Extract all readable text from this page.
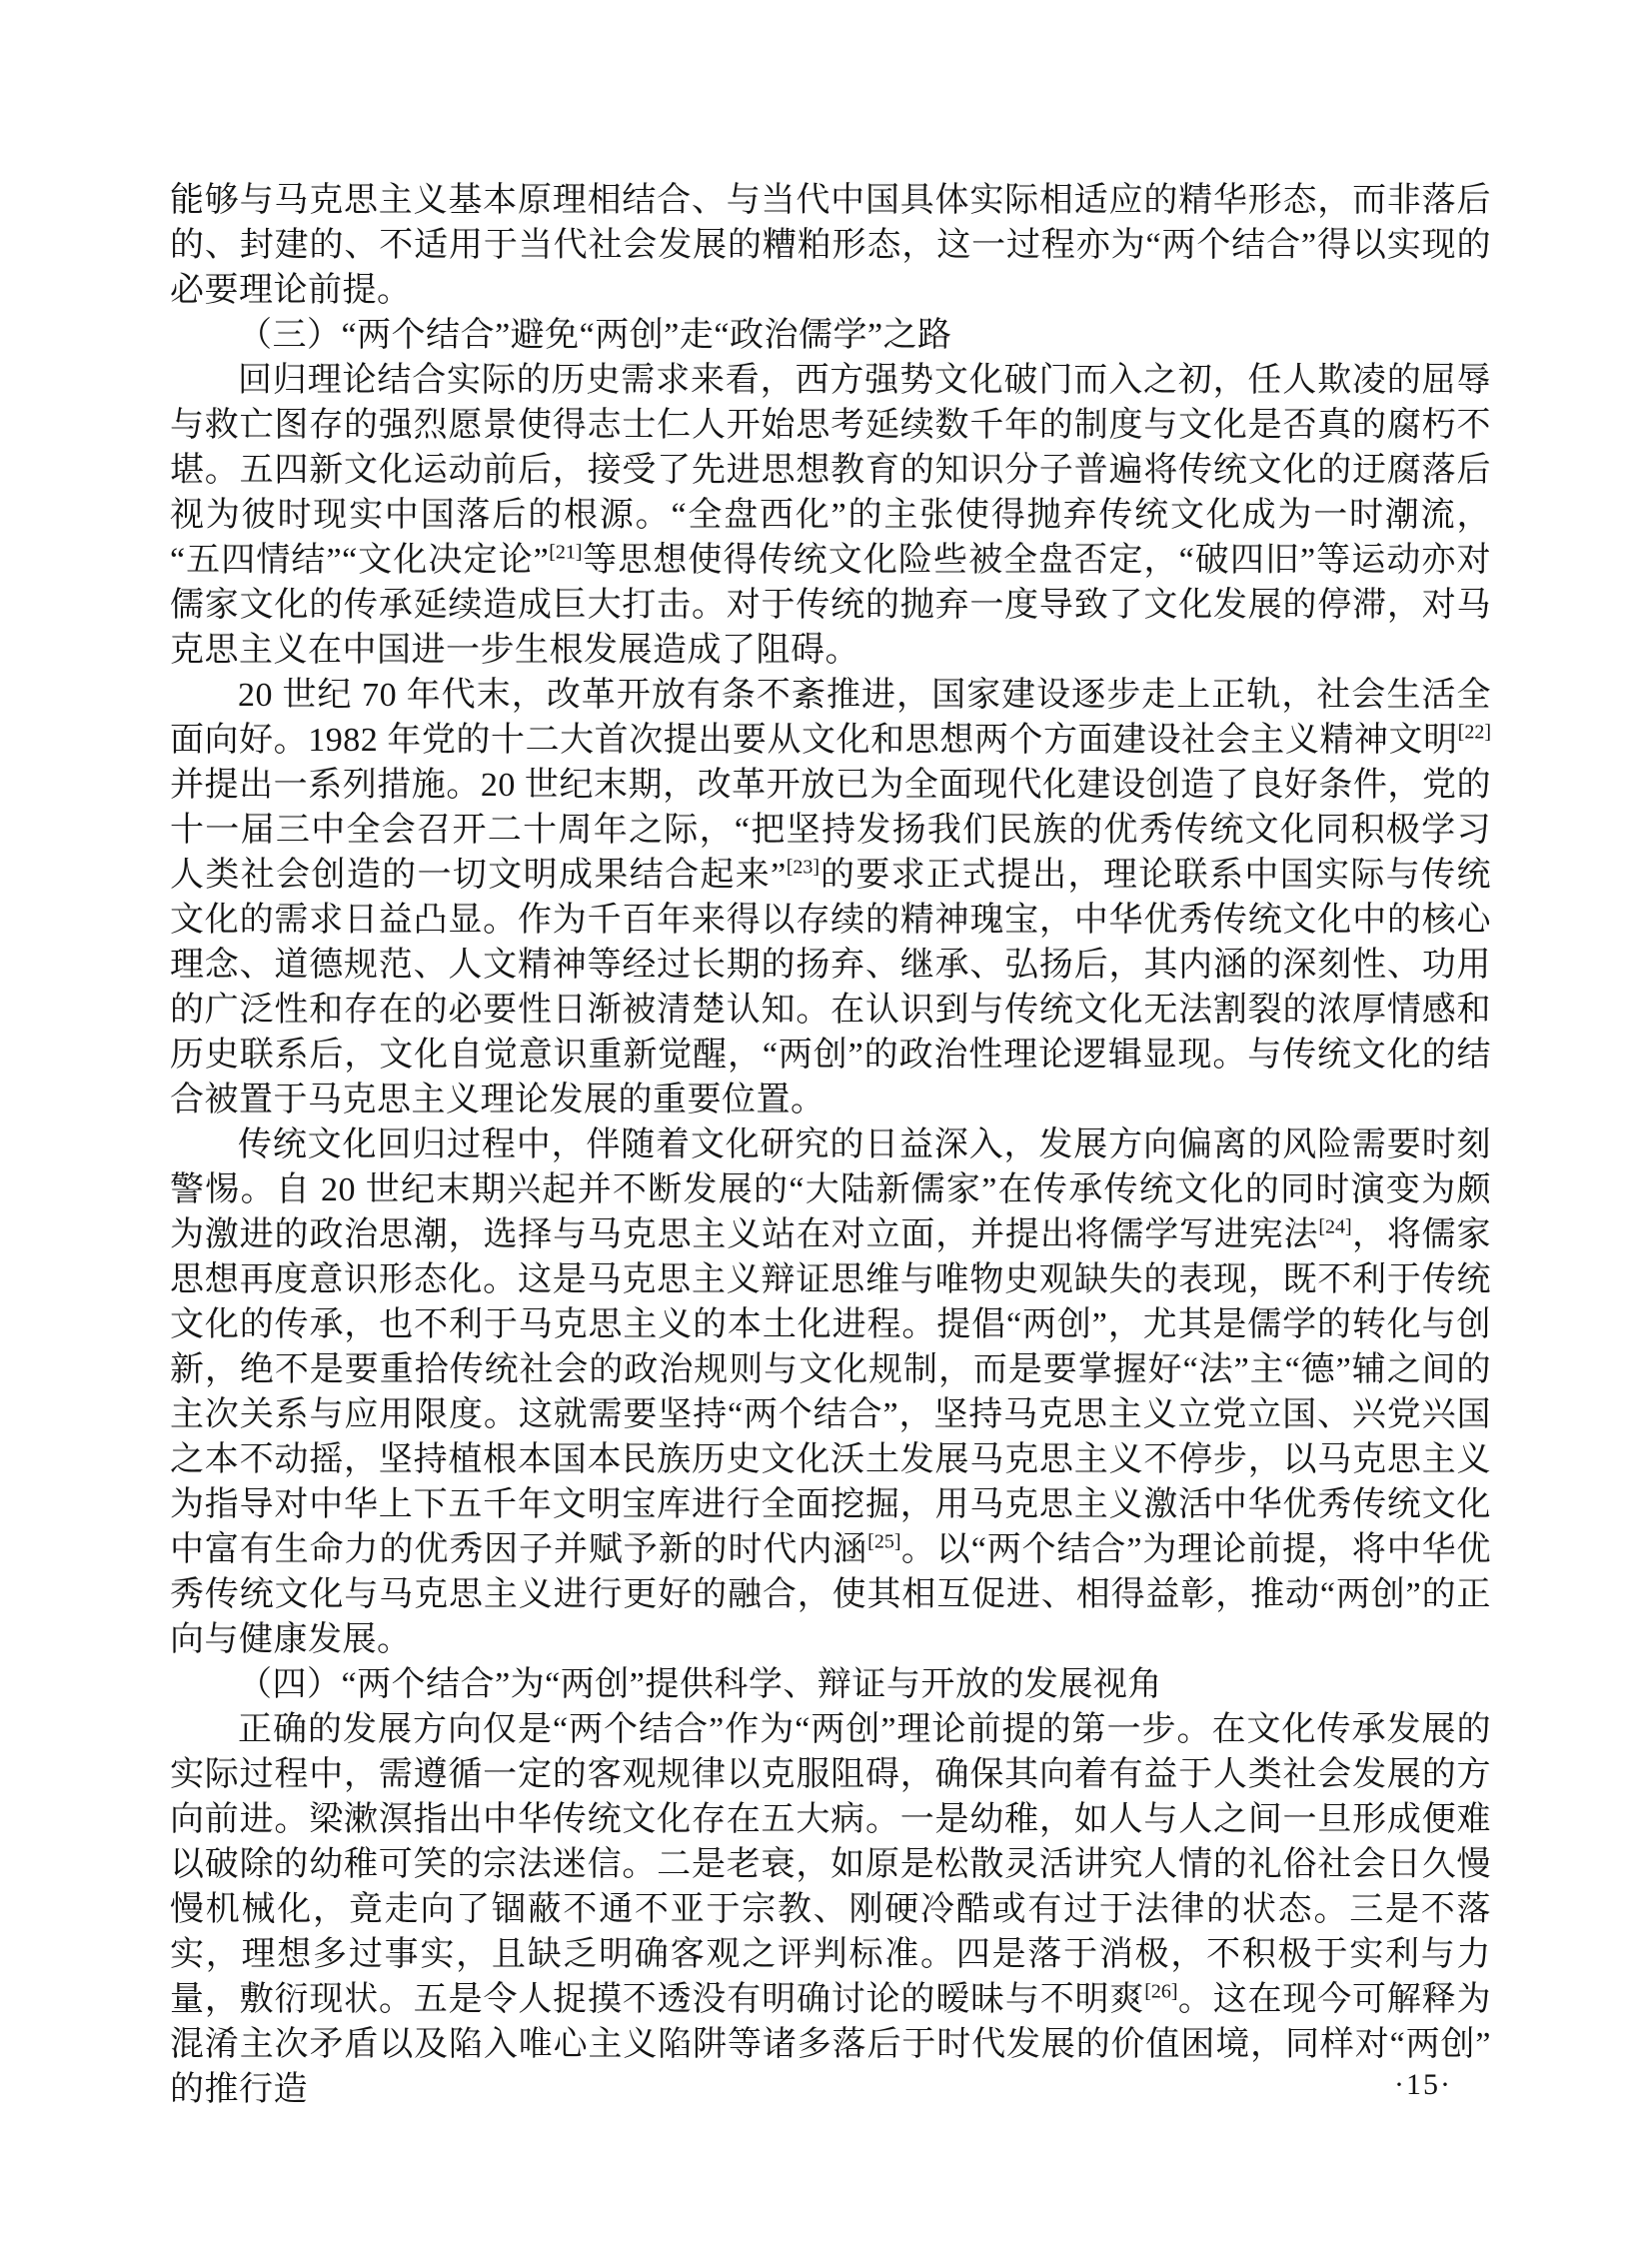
能够与马克思主义基本原理相结合、与当代中国具体实际相适应的精华形态，而非落后的、封建的、不适用于当代社会发展的糟粕形态，这一过程亦为“两个结合”得以实现的必要理论前提。

（三）“两个结合”避免“两创”走“政治儒学”之路

回归理论结合实际的历史需求来看，西方强势文化破门而入之初，任人欺凌的屈辱与救亡图存的强烈愿景使得志士仁人开始思考延续数千年的制度与文化是否真的腐朽不堪。五四新文化运动前后，接受了先进思想教育的知识分子普遍将传统文化的迂腐落后视为彼时现实中国落后的根源。“全盘西化”的主张使得抛弃传统文化成为一时潮流，“五四情结”“文化决定论”[21]等思想使得传统文化险些被全盘否定，“破四旧”等运动亦对儒家文化的传承延续造成巨大打击。对于传统的抛弃一度导致了文化发展的停滞，对马克思主义在中国进一步生根发展造成了阻碍。

20 世纪 70 年代末，改革开放有条不紊推进，国家建设逐步走上正轨，社会生活全面向好。1982 年党的十二大首次提出要从文化和思想两个方面建设社会主义精神文明[22]并提出一系列措施。20 世纪末期，改革开放已为全面现代化建设创造了良好条件，党的十一届三中全会召开二十周年之际，“把坚持发扬我们民族的优秀传统文化同积极学习人类社会创造的一切文明成果结合起来”[23]的要求正式提出，理论联系中国实际与传统文化的需求日益凸显。作为千百年来得以存续的精神瑰宝，中华优秀传统文化中的核心理念、道德规范、人文精神等经过长期的扬弃、继承、弘扬后，其内涵的深刻性、功用的广泛性和存在的必要性日渐被清楚认知。在认识到与传统文化无法割裂的浓厚情感和历史联系后，文化自觉意识重新觉醒，“两创”的政治性理论逻辑显现。与传统文化的结合被置于马克思主义理论发展的重要位置。

传统文化回归过程中，伴随着文化研究的日益深入，发展方向偏离的风险需要时刻警惕。自 20 世纪末期兴起并不断发展的“大陆新儒家”在传承传统文化的同时演变为颇为激进的政治思潮，选择与马克思主义站在对立面，并提出将儒学写进宪法[24]，将儒家思想再度意识形态化。这是马克思主义辩证思维与唯物史观缺失的表现，既不利于传统文化的传承，也不利于马克思主义的本土化进程。提倡“两创”，尤其是儒学的转化与创新，绝不是要重拾传统社会的政治规则与文化规制，而是要掌握好“法”主“德”辅之间的主次关系与应用限度。这就需要坚持“两个结合”，坚持马克思主义立党立国、兴党兴国之本不动摇，坚持植根本国本民族历史文化沃土发展马克思主义不停步，以马克思主义为指导对中华上下五千年文明宝库进行全面挖掘，用马克思主义激活中华优秀传统文化中富有生命力的优秀因子并赋予新的时代内涵[25]。以“两个结合”为理论前提，将中华优秀传统文化与马克思主义进行更好的融合，使其相互促进、相得益彰，推动“两创”的正向与健康发展。

（四）“两个结合”为“两创”提供科学、辩证与开放的发展视角

正确的发展方向仅是“两个结合”作为“两创”理论前提的第一步。在文化传承发展的实际过程中，需遵循一定的客观规律以克服阻碍，确保其向着有益于人类社会发展的方向前进。梁漱溟指出中华传统文化存在五大病。一是幼稚，如人与人之间一旦形成便难以破除的幼稚可笑的宗法迷信。二是老衰，如原是松散灵活讲究人情的礼俗社会日久慢慢机械化，竟走向了锢蔽不通不亚于宗教、刚硬冷酷或有过于法律的状态。三是不落实，理想多过事实，且缺乏明确客观之评判标准。四是落于消极，不积极于实利与力量，敷衍现状。五是令人捉摸不透没有明确讨论的暧昧与不明爽[26]。这在现今可解释为混淆主次矛盾以及陷入唯心主义陷阱等诸多落后于时代发展的价值困境，同样对“两创”的推行造	·15·
